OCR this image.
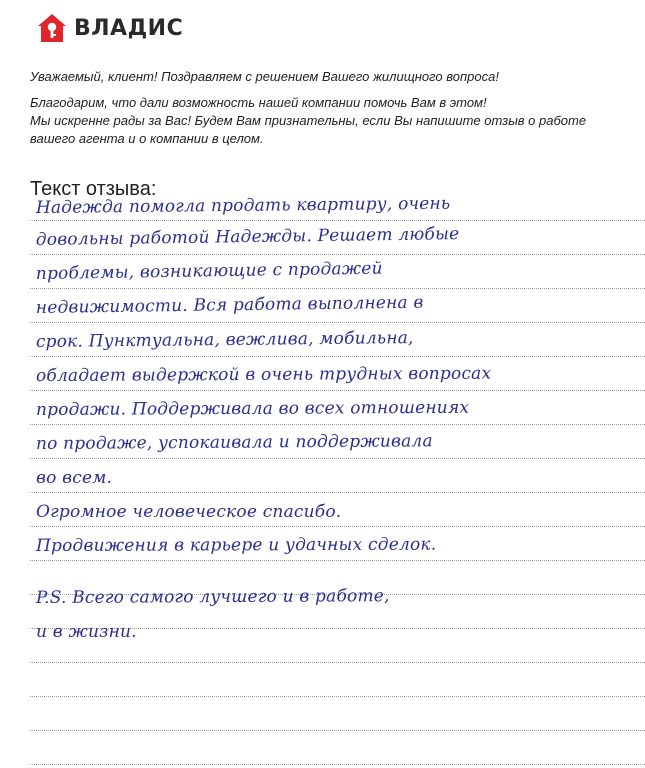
ВЛАДИС

Уважаемый, клиент! Поздравляем с решением Вашего жилищного вопроса!

Благодарим, что дали возможность нашей компании помочь Вам в этом!
Мы искренне рады за Вас! Будем Вам признательны, если Вы напишите отзыв о работе
вашего агента и о компании в целом.

Текст отзыва:
Надежда помогла продать квартиру, очень
довольны работой Надежды. Решает любые
проблемы, возникающие с продажей
недвижимости. Вся работа выполнена в
срок. Пунктуальна, вежлива, мобильна,
обладает выдержкой в очень трудных вопросах
продажи. Поддерживала во всех отношениях
по продаже, успокаивала и поддерживала
во всем.
Огромное человеческое спасибо.
Продвижения в карьере и удачных сделок.
P.S. Всего самого лучшего и в работе,
и в жизни.
